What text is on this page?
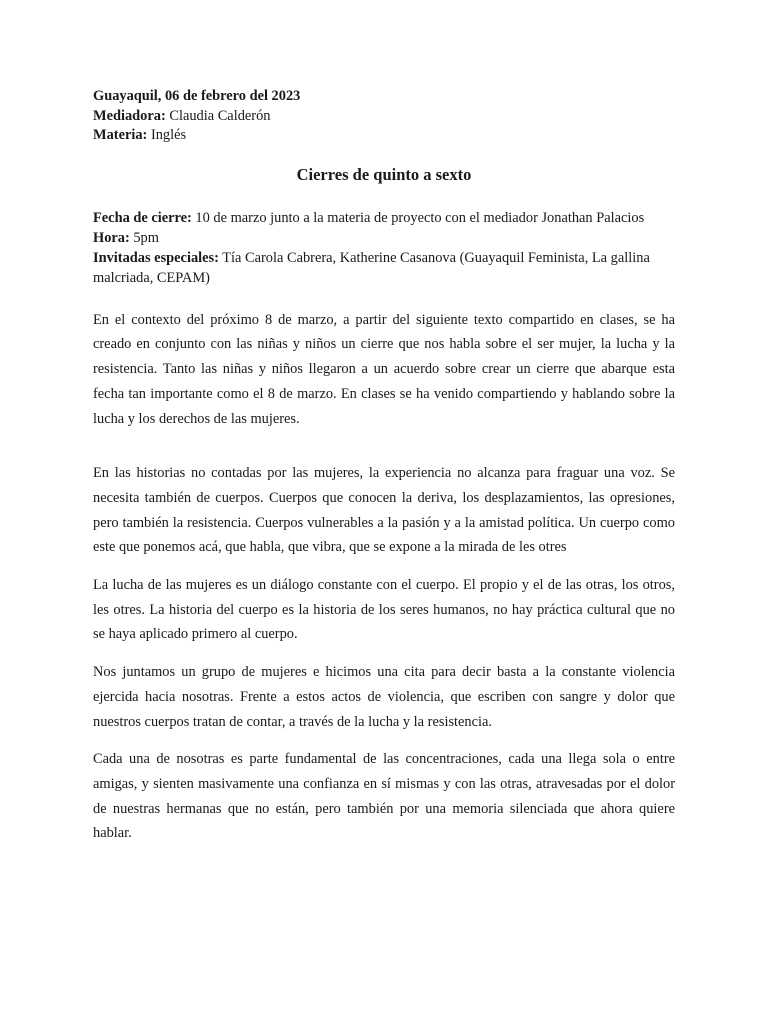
Guayaquil, 06 de febrero del 2023

Mediadora: Claudia Calderón

Materia: Inglés

Cierres de quinto a sexto

Fecha de cierre: 10 de marzo junto a la materia de proyecto con el mediador Jonathan Palacios

Hora: 5pm

Invitadas especiales: Tía Carola Cabrera, Katherine Casanova (Guayaquil Feminista, La gallina malcriada, CEPAM)

En el contexto del próximo 8 de marzo, a partir del siguiente texto compartido en clases, se ha creado en conjunto con las niñas y niños un cierre que nos habla sobre el ser mujer, la lucha y la resistencia. Tanto las niñas y niños llegaron a un acuerdo sobre crear un cierre que abarque esta fecha tan importante como el 8 de marzo. En clases se ha venido compartiendo y hablando sobre la lucha y los derechos de las mujeres.

En las historias no contadas por las mujeres, la experiencia no alcanza para fraguar una voz. Se necesita también de cuerpos. Cuerpos que conocen la deriva, los desplazamientos, las opresiones, pero también la resistencia. Cuerpos vulnerables a la pasión y a la amistad política. Un cuerpo como este que ponemos acá, que habla, que vibra, que se expone a la mirada de les otres

La lucha de las mujeres es un diálogo constante con el cuerpo. El propio y el de las otras, los otros, les otres. La historia del cuerpo es la historia de los seres humanos, no hay práctica cultural que no se haya aplicado primero al cuerpo.

Nos juntamos un grupo de mujeres e hicimos una cita para decir basta a la constante violencia ejercida hacia nosotras. Frente a estos actos de violencia, que escriben con sangre y dolor que nuestros cuerpos tratan de contar, a través de la lucha y la resistencia.

Cada una de nosotras es parte fundamental de las concentraciones, cada una llega sola o entre amigas, y sienten masivamente una confianza en sí mismas y con las otras, atravesadas por el dolor de nuestras hermanas que no están, pero también por una memoria silenciada que ahora quiere hablar.
